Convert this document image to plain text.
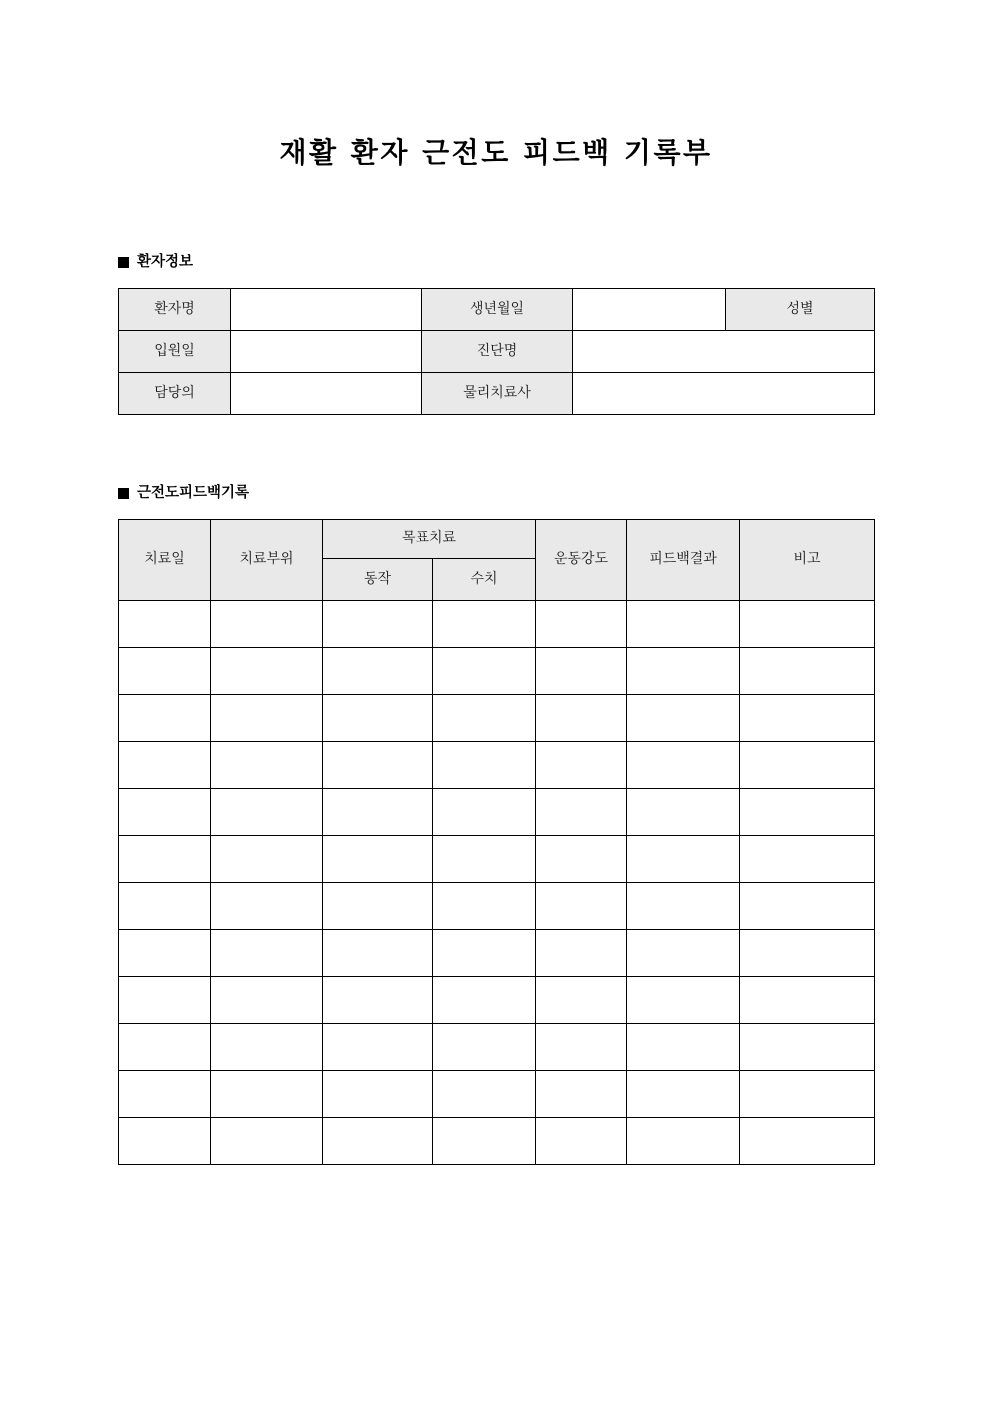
재활 환자 근전도 피드백 기록부
환자정보
환자명		생년월일		성별
입원일		진단명		
담당의		물리치료사		
근전도피드백기록
치료일	치료부위	목표치료		운동강도	피드백결과	비고
		동작	수치			
